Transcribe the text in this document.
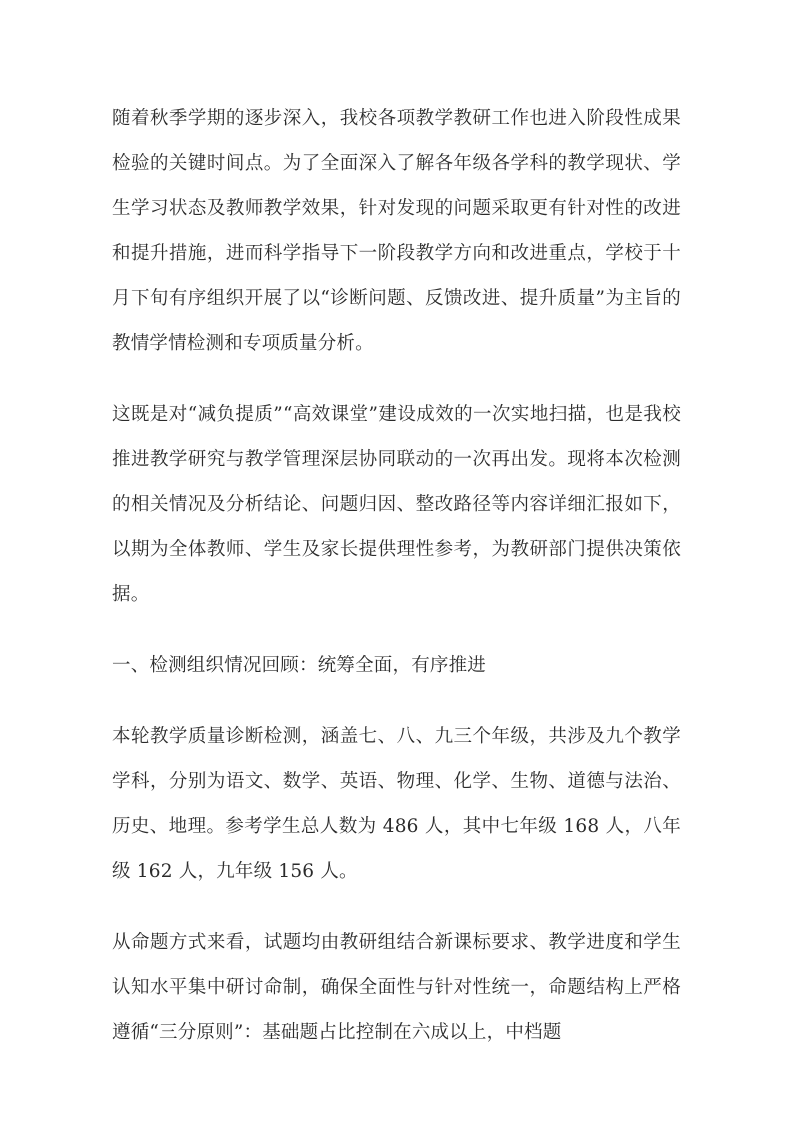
随着秋季学期的逐步深入，我校各项教学教研工作也进入阶段性成果检验的关键时间点。为了全面深入了解各年级各学科的教学现状、学生学习状态及教师教学效果，针对发现的问题采取更有针对性的改进和提升措施，进而科学指导下一阶段教学方向和改进重点，学校于十月下旬有序组织开展了以“诊断问题、反馈改进、提升质量”为主旨的教情学情检测和专项质量分析。

这既是对“减负提质”“高效课堂”建设成效的一次实地扫描，也是我校推进教学研究与教学管理深层协同联动的一次再出发。现将本次检测的相关情况及分析结论、问题归因、整改路径等内容详细汇报如下，以期为全体教师、学生及家长提供理性参考，为教研部门提供决策依据。

一、检测组织情况回顾：统筹全面，有序推进

本轮教学质量诊断检测，涵盖七、八、九三个年级，共涉及九个教学学科，分别为语文、数学、英语、物理、化学、生物、道德与法治、历史、地理。参考学生总人数为 486 人，其中七年级 168 人，八年级 162 人，九年级 156 人。

从命题方式来看，试题均由教研组结合新课标要求、教学进度和学生认知水平集中研讨命制，确保全面性与针对性统一，命题结构上严格遵循“三分原则”：基础题占比控制在六成以上，中档题
